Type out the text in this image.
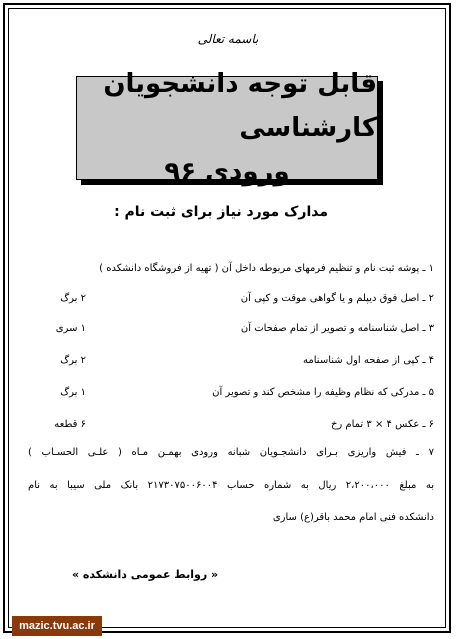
باسمه تعالی
قابل توجه دانشجویان کارشناسی
ورودی ۹۶
مدارک مورد نیاز برای ثبت نام :
۱ ـ پوشه ثبت نام و تنظیم فرمهای مربوطه داخل آن ( تهیه از فروشگاه دانشکده )
۲ ـ اصل فوق دیپلم و یا گواهی موقت و کپی آن
۲ برگ
۳ ـ اصل شناسنامه و تصویر از تمام صفحات آن
۱ سری
۴ ـ کپی از صفحه اول شناسنامه
۲ برگ
۵ ـ مدرکی که نظام وظیفه را مشخص کند و تصویر آن
۱ برگ
۶ ـ عکس ۴ × ۳ تمام رخ
۶ قطعه
۷ ـ فیش واریزی بـرای دانشجـویان شبانه ورودی بهمـن مـاه ( علـی الحسـاب )
به مبلغ ۲،۲۰۰،۰۰۰ ریال به شماره حساب ۲۱۷۳۰۷۵۰۰۶۰۰۴ بانک ملی سیبا به نام
دانشکده فنی امام محمد باقر(ع) ساری
« روابط عمومی دانشکده »
mazic.tvu.ac.ir
